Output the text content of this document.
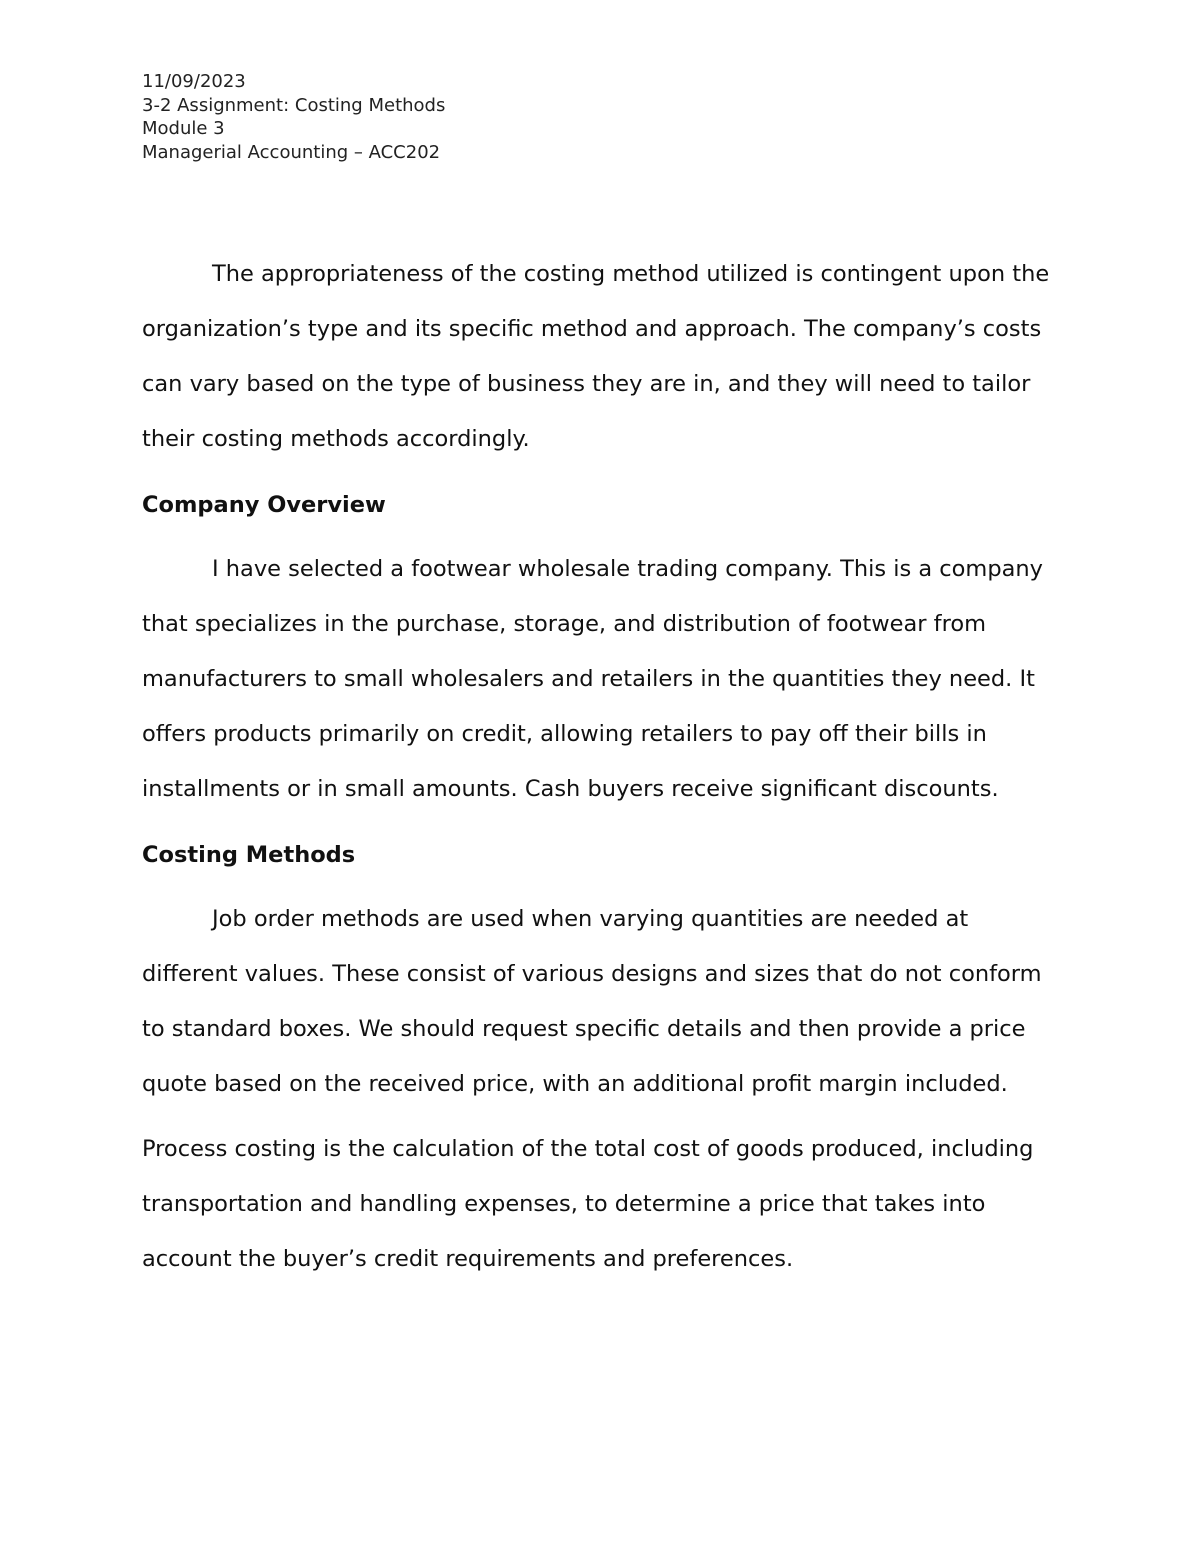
11/09/2023
3-2 Assignment: Costing Methods
Module 3
Managerial Accounting – ACC202

The appropriateness of the costing method utilized is contingent upon the organization’s type and its specific method and approach. The company’s costs can vary based on the type of business they are in, and they will need to tailor their costing methods accordingly.

Company Overview

I have selected a footwear wholesale trading company. This is a company that specializes in the purchase, storage, and distribution of footwear from manufacturers to small wholesalers and retailers in the quantities they need. It offers products primarily on credit, allowing retailers to pay off their bills in installments or in small amounts. Cash buyers receive significant discounts.

Costing Methods

Job order methods are used when varying quantities are needed at different values. These consist of various designs and sizes that do not conform to standard boxes. We should request specific details and then provide a price quote based on the received price, with an additional profit margin included.

Process costing is the calculation of the total cost of goods produced, including transportation and handling expenses, to determine a price that takes into account the buyer’s credit requirements and preferences.
